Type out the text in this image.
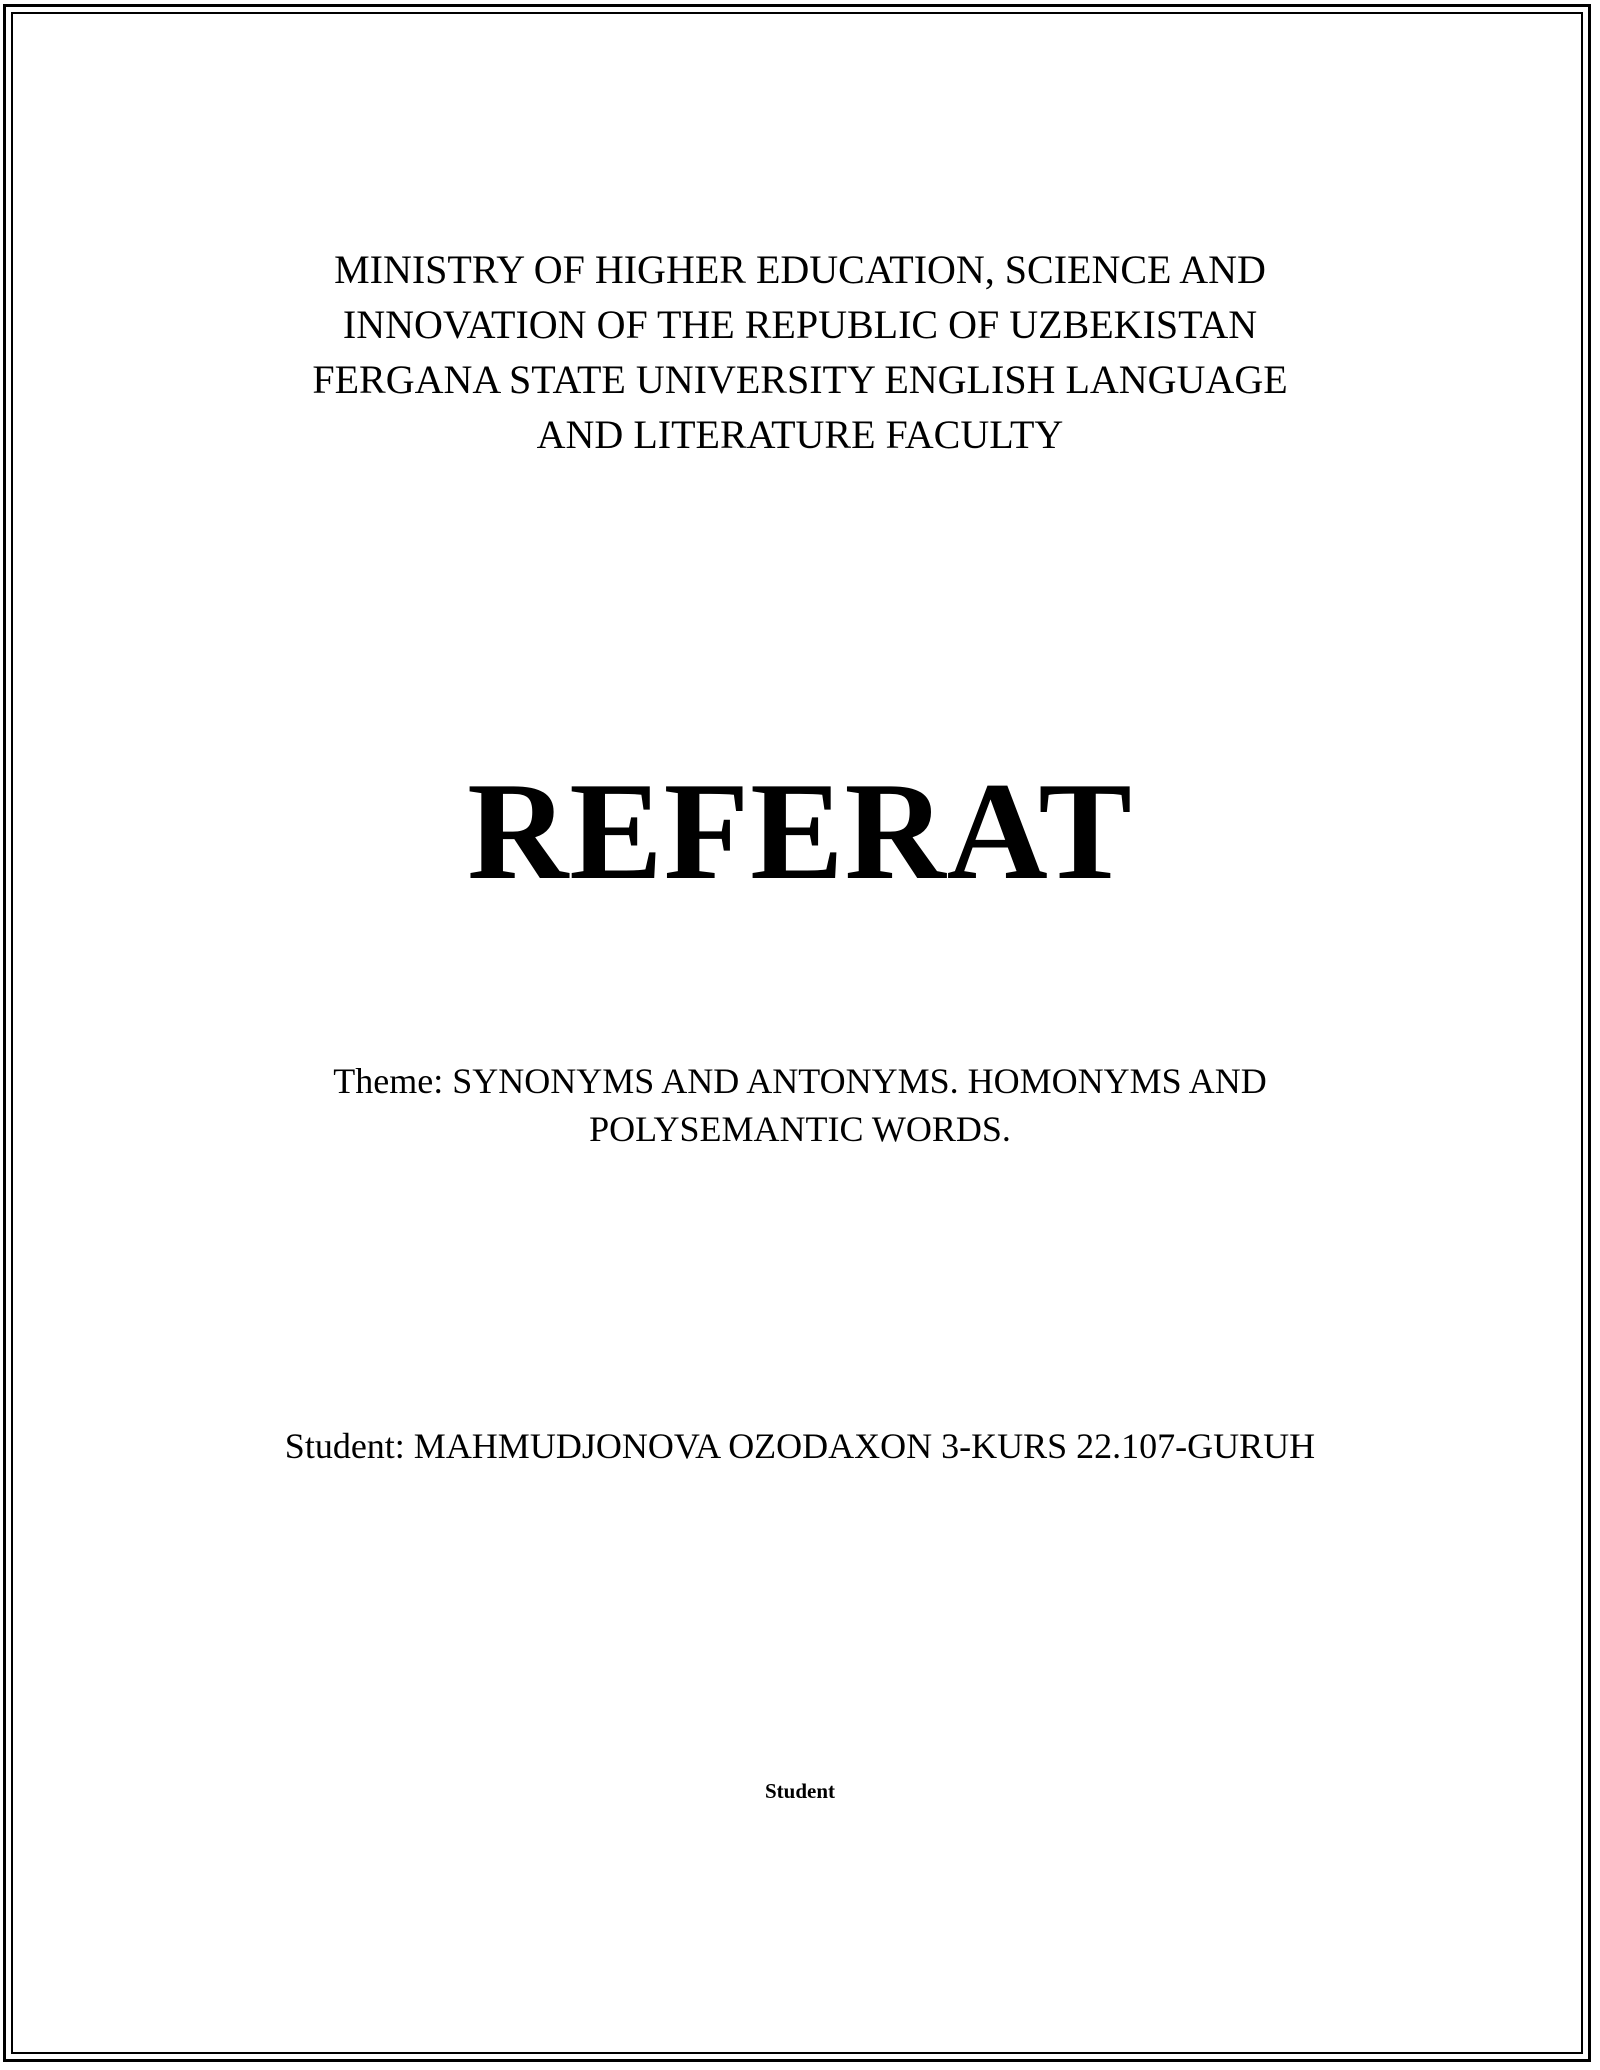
MINISTRY OF HIGHER EDUCATION, SCIENCE AND
INNOVATION OF THE REPUBLIC OF UZBEKISTAN
FERGANA STATE UNIVERSITY ENGLISH LANGUAGE
AND LITERATURE FACULTY
REFERAT
Theme: SYNONYMS AND ANTONYMS. HOMONYMS AND
POLYSEMANTIC WORDS.
Student: MAHMUDJONOVA OZODAXON 3-KURS 22.107-GURUH
Student
